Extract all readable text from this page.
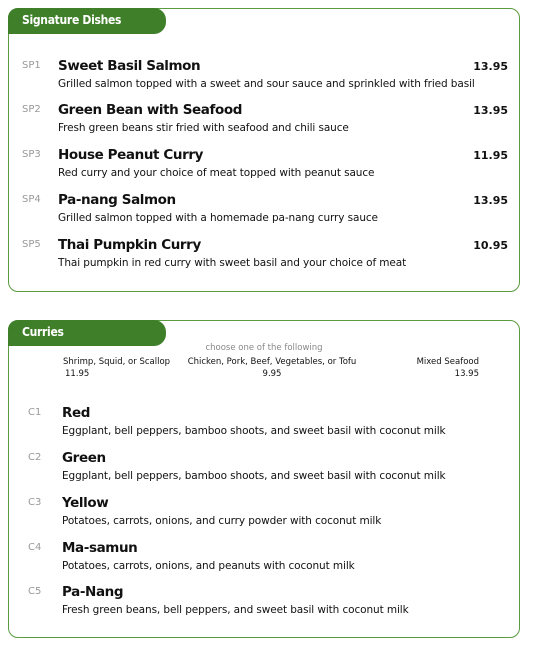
Signature Dishes
SP1 Sweet Basil Salmon
Grilled salmon topped with a sweet and sour sauce and sprinkled with fried basil
13.95
SP2 Green Bean with Seafood
Fresh green beans stir fried with seafood and chili sauce
13.95
SP3 House Peanut Curry
Red curry and your choice of meat topped with peanut sauce
11.95
SP4 Pa-nang Salmon
Grilled salmon topped with a homemade pa-nang curry sauce
13.95
SP5 Thai Pumpkin Curry
Thai pumpkin in red curry with sweet basil and your choice of meat
10.95
Curries
choose one of the following
Shrimp, Squid, or Scallop
11.95
Chicken, Pork, Beef, Vegetables, or Tofu
9.95
Mixed Seafood
13.95
C1 Red
Eggplant, bell peppers, bamboo shoots, and sweet basil with coconut milk
C2 Green
Eggplant, bell peppers, bamboo shoots, and sweet basil with coconut milk
C3 Yellow
Potatoes, carrots, onions, and curry powder with coconut milk
C4 Ma-samun
Potatoes, carrots, onions, and peanuts with coconut milk
C5 Pa-Nang
Fresh green beans, bell peppers, and sweet basil with coconut milk
